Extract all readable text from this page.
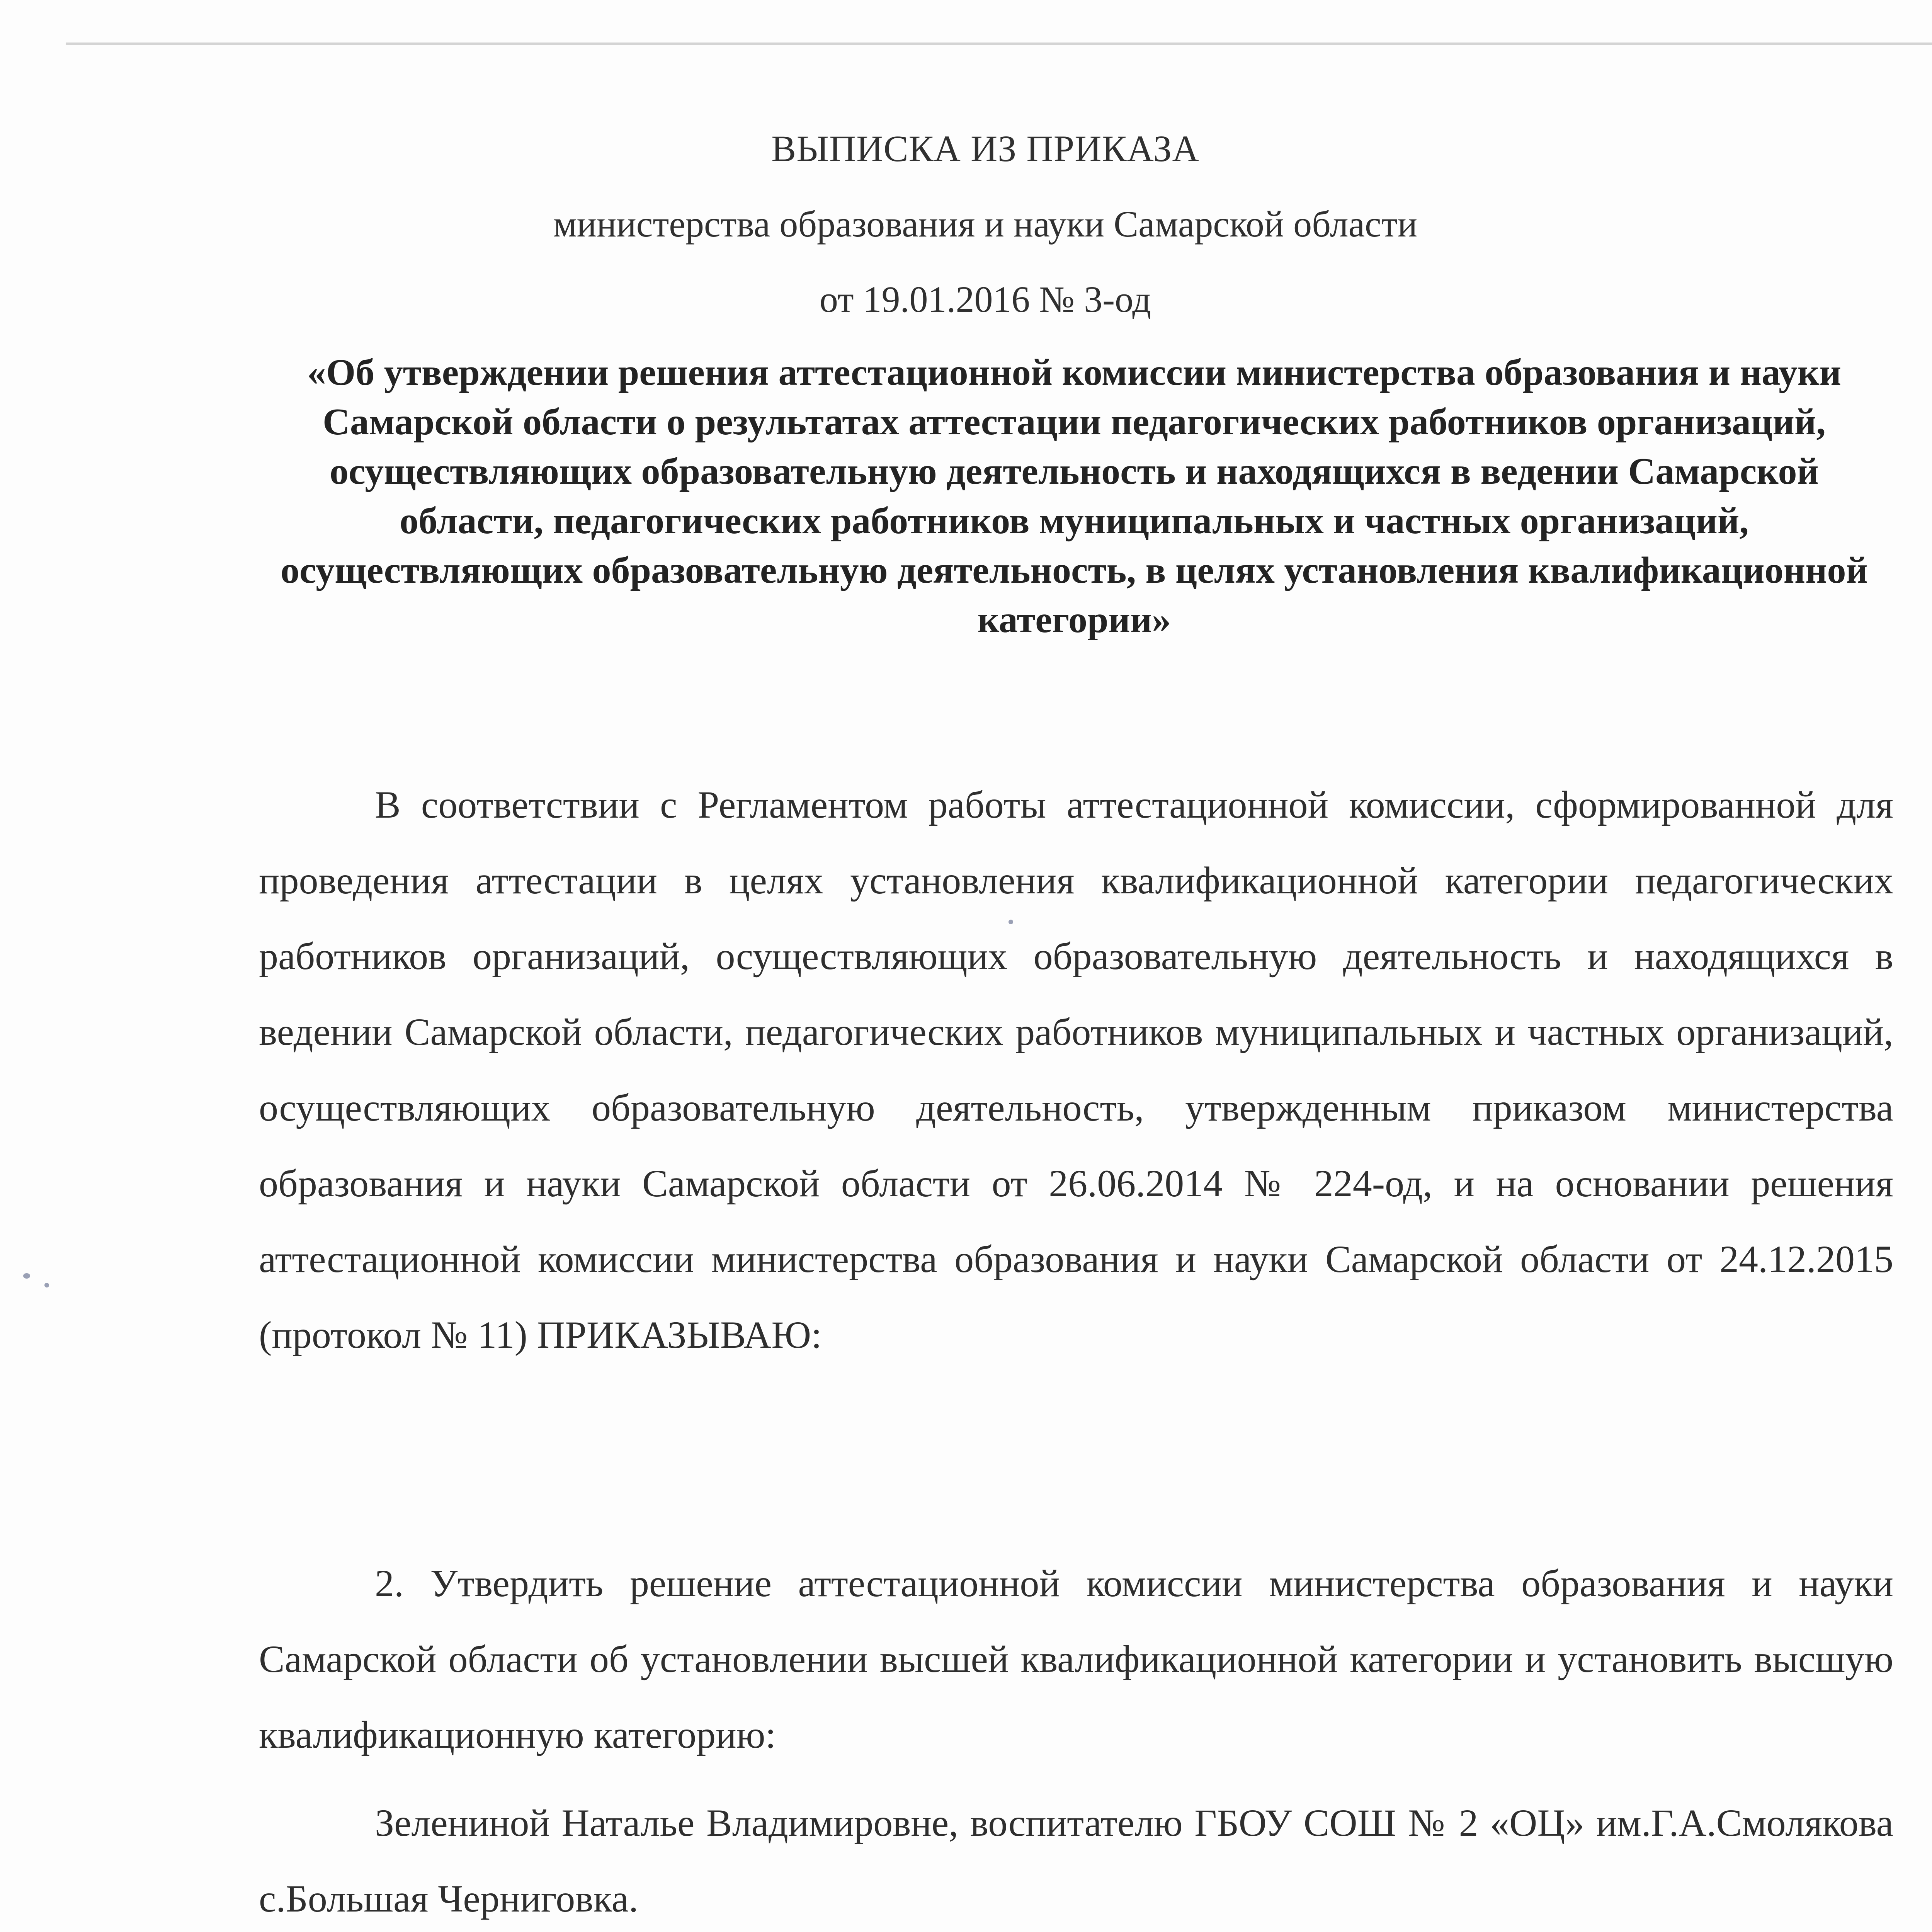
ВЫПИСКА ИЗ ПРИКАЗА
министерства образования и науки Самарской области
от 19.01.2016 № 3-од
«Об утверждении решения аттестационной комиссии министерства образования и науки Самарской области о результатах аттестации педагогических работников организаций, осуществляющих образовательную деятельность и находящихся в ведении Самарской области, педагогических работников муниципальных и частных организаций, осуществляющих образовательную деятельность, в целях установления квалификационной категории»
В соответствии с Регламентом работы аттестационной комиссии, сформированной для проведения аттестации в целях установления квалификационной категории педагогических работников организаций, осуществляющих образовательную деятельность и находящихся в ведении Самарской области, педагогических работников муниципальных и частных организаций, осуществляющих образовательную деятельность, утвержденным приказом министерства образования и науки Самарской области от 26.06.2014 № 224-од, и на основании решения аттестационной комиссии министерства образования и науки Самарской области от 24.12.2015 (протокол № 11) ПРИКАЗЫВАЮ:
2. Утвердить решение аттестационной комиссии министерства образования и науки Самарской области об установлении высшей квалификационной категории и установить высшую квалификационную категорию:
Зелениной Наталье Владимировне, воспитателю ГБОУ СОШ № 2 «ОЦ» им.Г.А.Смолякова с.Большая Черниговка.
